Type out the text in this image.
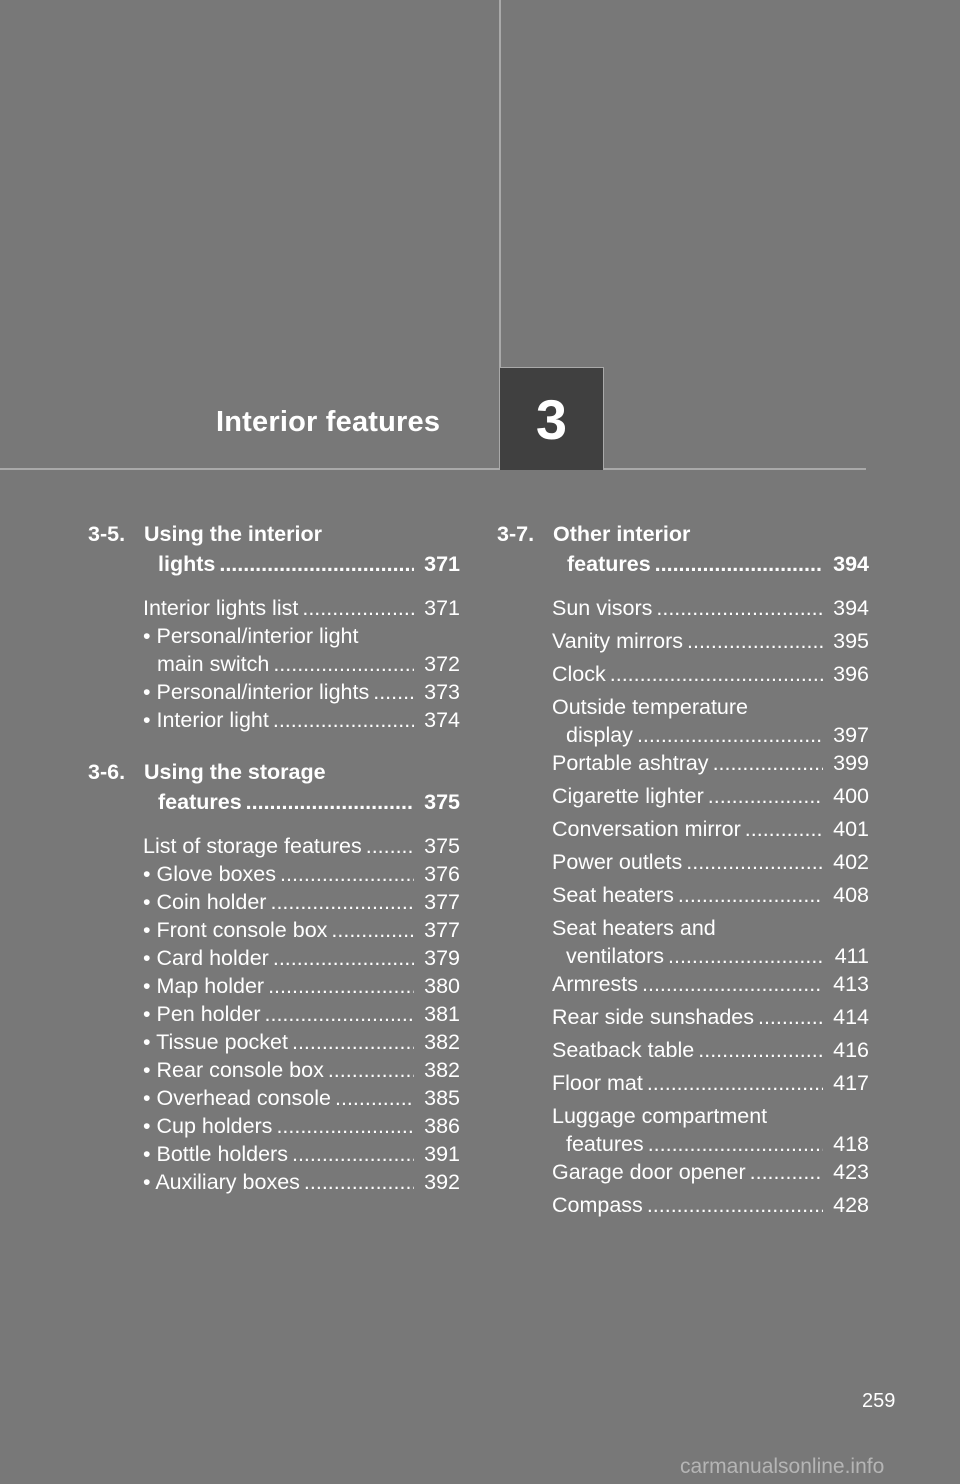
Interior features 3
3-5. Using the interior
lights .....	371
Interior lights list .....	371
• Personal/interior light
main switch .....	372
• Personal/interior lights .....	373
• Interior light .....	374
3-6. Using the storage
features .....	375
List of storage features .....	375
• Glove boxes .....	376
• Coin holder .....	377
• Front console box .....	377
• Card holder .....	379
• Map holder .....	380
• Pen holder .....	381
• Tissue pocket .....	382
• Rear console box .....	382
• Overhead console .....	385
• Cup holders .....	386
• Bottle holders .....	391
• Auxiliary boxes .....	392
3-7. Other interior
features .....	394
Sun visors .....	394
Vanity mirrors .....	395
Clock .....	396
Outside temperature
display .....	397
Portable ashtray .....	399
Cigarette lighter .....	400
Conversation mirror .....	401
Power outlets .....	402
Seat heaters .....	408
Seat heaters and
ventilators .....	411
Armrests .....	413
Rear side sunshades .....	414
Seatback table .....	416
Floor mat .....	417
Luggage compartment
features .....	418
Garage door opener .....	423
Compass .....	428
259
carmanualsonline.info
